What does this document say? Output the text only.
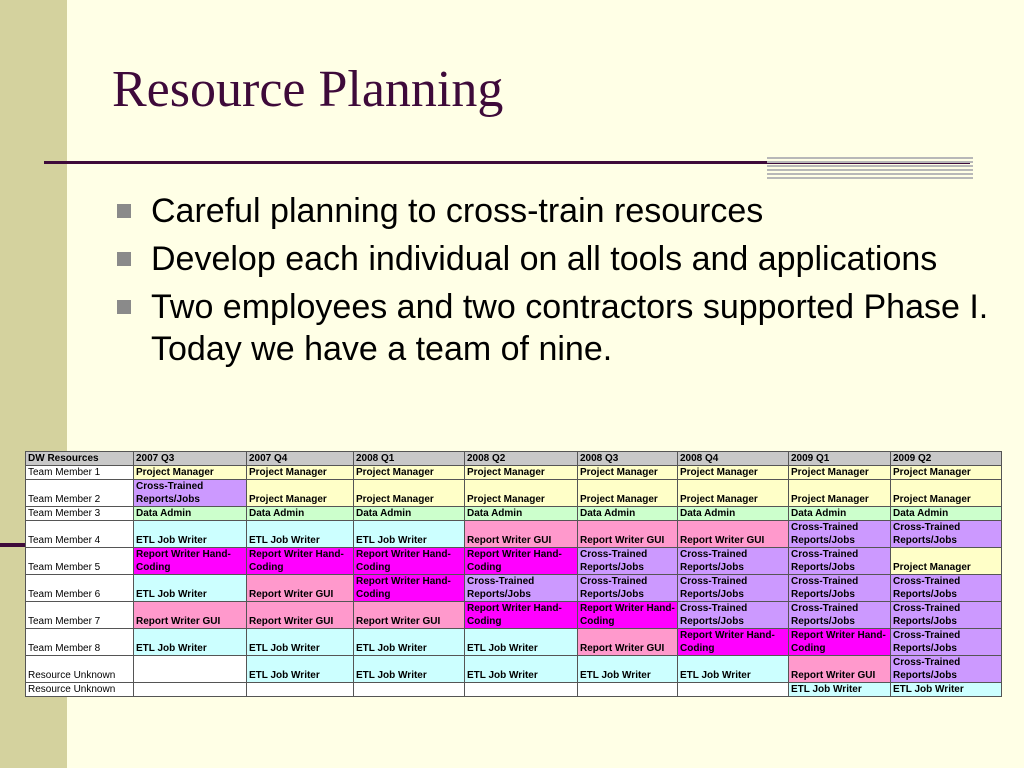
Resource Planning
Careful planning to cross-train resources
Develop each individual on all tools and applications
Two employees and two contractors supported Phase I. Today we have a team of nine.
DW Resources	2007 Q3	2007 Q4	2008 Q1	2008 Q2	2008 Q3	2008 Q4	2009 Q1	2009 Q2
Team Member 1	Project Manager	Project Manager	Project Manager	Project Manager	Project Manager	Project Manager	Project Manager	Project Manager
Team Member 2	Cross-Trained Reports/Jobs	Project Manager	Project Manager	Project Manager	Project Manager	Project Manager	Project Manager	Project Manager
Team Member 3	Data Admin	Data Admin	Data Admin	Data Admin	Data Admin	Data Admin	Data Admin	Data Admin
Team Member 4	ETL Job Writer	ETL Job Writer	ETL Job Writer	Report Writer GUI	Report Writer GUI	Report Writer GUI	Cross-Trained Reports/Jobs	Cross-Trained Reports/Jobs
Team Member 5	Report Writer Hand-Coding	Report Writer Hand-Coding	Report Writer Hand-Coding	Report Writer Hand-Coding	Cross-Trained Reports/Jobs	Cross-Trained Reports/Jobs	Cross-Trained Reports/Jobs	Project Manager
Team Member 6	ETL Job Writer	Report Writer GUI	Report Writer Hand-Coding	Cross-Trained Reports/Jobs	Cross-Trained Reports/Jobs	Cross-Trained Reports/Jobs	Cross-Trained Reports/Jobs	Cross-Trained Reports/Jobs
Team Member 7	Report Writer GUI	Report Writer GUI	Report Writer GUI	Report Writer Hand-Coding	Report Writer Hand-Coding	Cross-Trained Reports/Jobs	Cross-Trained Reports/Jobs	Cross-Trained Reports/Jobs
Team Member 8	ETL Job Writer	ETL Job Writer	ETL Job Writer	ETL Job Writer	Report Writer GUI	Report Writer Hand-Coding	Report Writer Hand-Coding	Cross-Trained Reports/Jobs
Resource Unknown		ETL Job Writer	ETL Job Writer	ETL Job Writer	ETL Job Writer	ETL Job Writer	Report Writer GUI	Cross-Trained Reports/Jobs
Resource Unknown							ETL Job Writer	ETL Job Writer
